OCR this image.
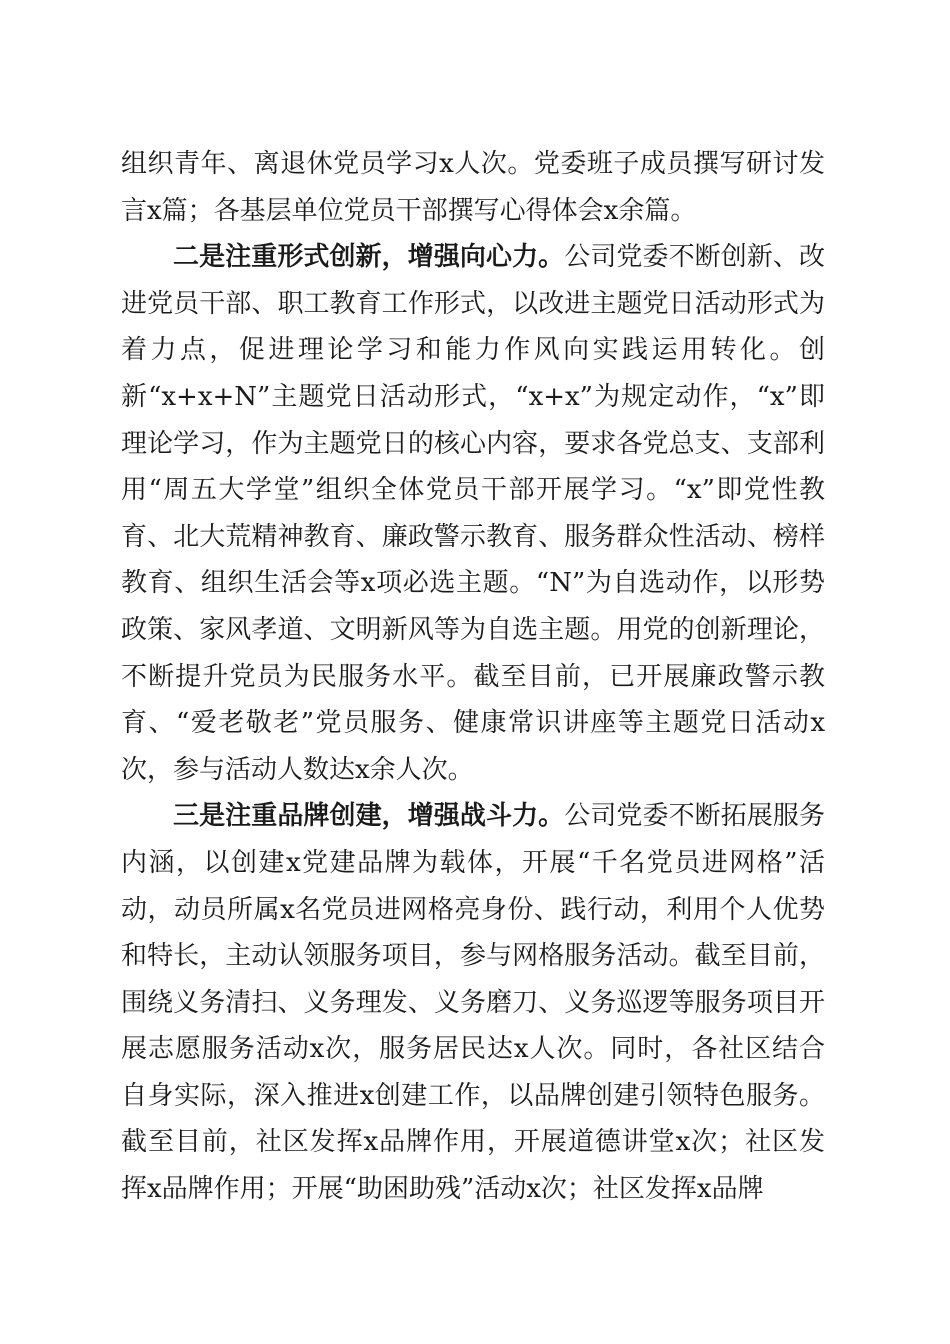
组织青年、离退休党员学习x人次。党委班子成员撰写研讨发言x篇；各基层单位党员干部撰写心得体会x余篇。

二是注重形式创新，增强向心力。公司党委不断创新、改进党员干部、职工教育工作形式，以改进主题党日活动形式为着力点，促进理论学习和能力作风向实践运用转化。创新“x+x+N”主题党日活动形式，“x+x”为规定动作，“x”即理论学习，作为主题党日的核心内容，要求各党总支、支部利用“周五大学堂”组织全体党员干部开展学习。“x”即党性教育、北大荒精神教育、廉政警示教育、服务群众性活动、榜样教育、组织生活会等x项必选主题。“N”为自选动作，以形势政策、家风孝道、文明新风等为自选主题。用党的创新理论，不断提升党员为民服务水平。截至目前，已开展廉政警示教育、“爱老敬老”党员服务、健康常识讲座等主题党日活动x次，参与活动人数达x余人次。

三是注重品牌创建，增强战斗力。公司党委不断拓展服务内涵，以创建x党建品牌为载体，开展“千名党员进网格”活动，动员所属x名党员进网格亮身份、践行动，利用个人优势和特长，主动认领服务项目，参与网格服务活动。截至目前，围绕义务清扫、义务理发、义务磨刀、义务巡逻等服务项目开展志愿服务活动x次，服务居民达x人次。同时，各社区结合自身实际，深入推进x创建工作，以品牌创建引领特色服务。截至目前，社区发挥x品牌作用，开展道德讲堂x次；社区发挥x品牌作用；开展“助困助残”活动x次；社区发挥x品牌
